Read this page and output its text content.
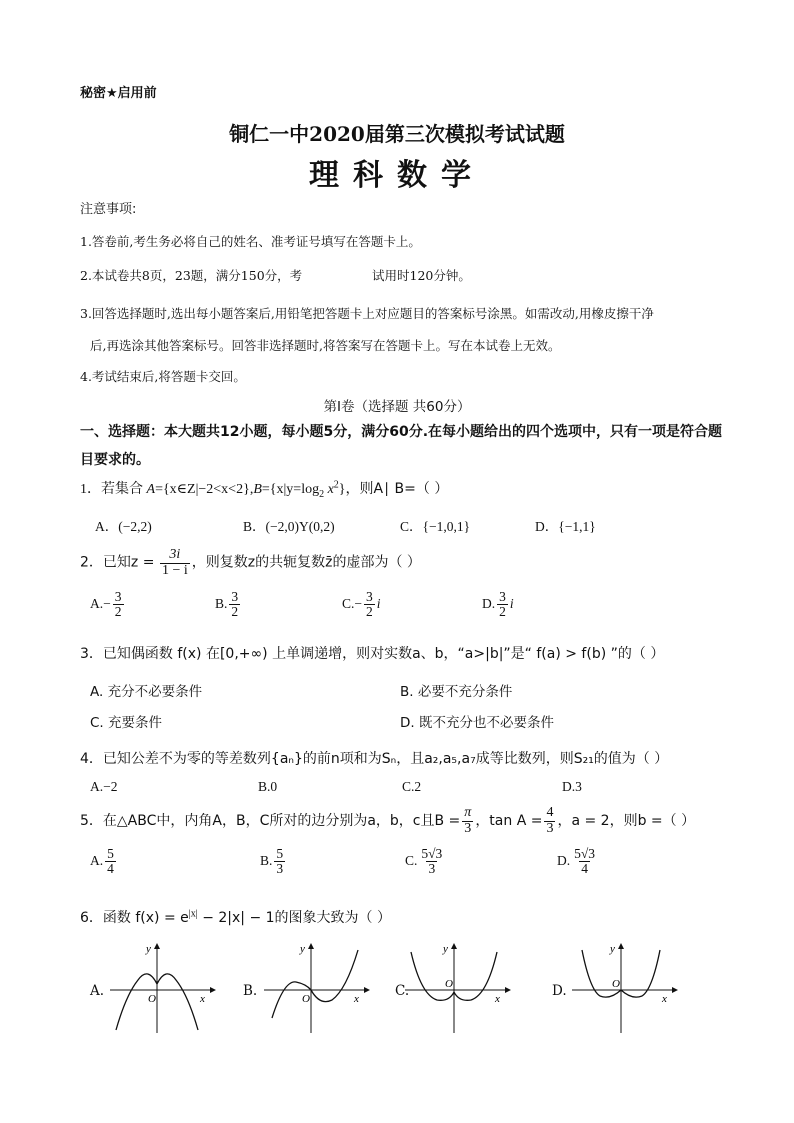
秘密★启用前
铜仁一中2020届第三次模拟考试试题
理科数学
注意事项:
1.答卷前,考生务必将自己的姓名、准考证号填写在答题卡上。
2.本试卷共8页，23题，满分150分，考	试用时120分钟。
3.回答选择题时,选出每小题答案后,用铅笔把答题卡上对应题目的答案标号涂黑。如需改动,用橡皮擦干净
后,再选涂其他答案标号。回答非选择题时,将答案写在答题卡上。写在本试卷上无效。
4.考试结束后,将答题卡交回。
第I卷（选择题 共60分）
一、选择题：本大题共12小题，每小题5分，满分60分.在每小题给出的四个选项中，只有一项是符合题目要求的。
1．若集合 $A=\{x\in Z|-2<x<2\},B=\{x|y=\log_2$ $x^2$}，则A∣ B=（ ）
A．(−2,2)	B．(−2,0)Y(0,2)	C．{−1,0,1}	D．{−1,1}
2．已知$z = \frac{3i}{1 - i}$ ，则复数z的共轭复数z̄的虚部为（ ）
$A.- \frac{3}{2}$	B. $\frac{3}{2}$	$C.- \frac{3}{2}$ i	D. $\frac{3}{2}$ i
3．已知偶函数 f(x) 在[0,+∞) 上单调递增，则对实数a、b，“a>|b|”是“ f(a) > f(b) ”的（ ）
A. 充分不必要条件	B. 必要不充分条件
C. 充要条件	D. 既不充分也不必要条件
4．已知公差不为零的等差数列{aₙ}的前n项和为Sₙ，且a₂,a₅,a₇成等比数列，则S₂₁的值为（ ）
A.−2	B.0	C.2	D.3
5．在△ABC中，内角A，B，C所对的边分别为a，b，c且$B = \frac{\pi}{3}$ ，$\tan A = \frac{4}{3}$ ，a = 2，则b =（ ）
A. $\frac{5}{4}$	B. $\frac{5}{3}$	C. $\frac{5√3}{3}$	D. $\frac{5√3}{4}$
6．函数 $f(x) = e^{|x|} - 2|x| - 1$的图象大致为（ ）
A.
y
O	x	B.
y
O	x	C.
y
O
x	D.
y
O
x
